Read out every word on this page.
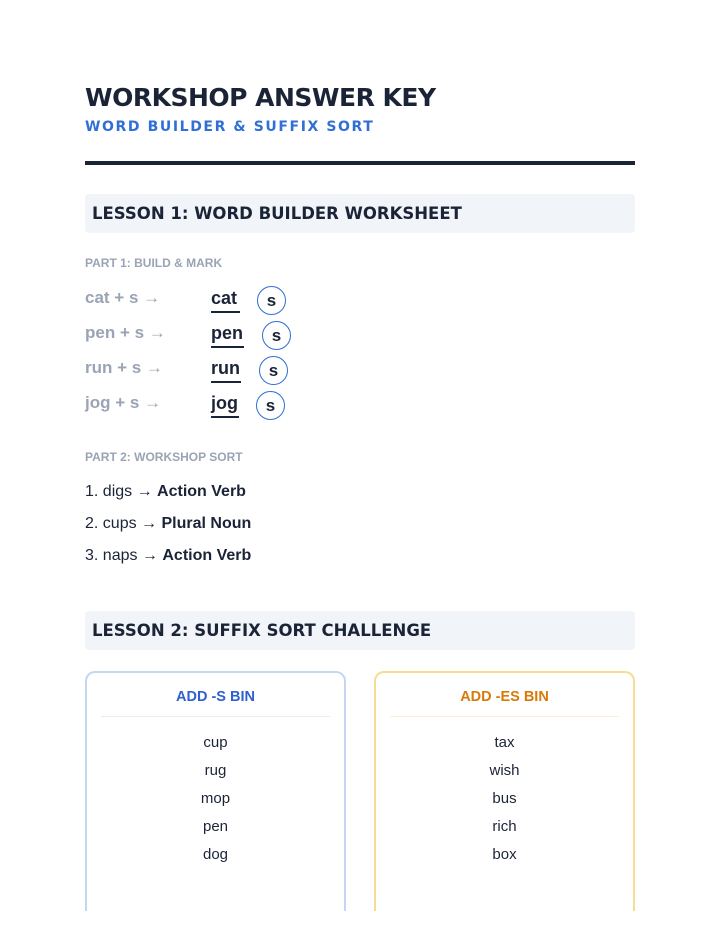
WORKSHOP ANSWER KEY
WORD BUILDER & SUFFIX SORT
LESSON 1: WORD BUILDER WORKSHEET
PART 1: BUILD & MARK
cat + s →	cat	s
pen + s →	pen	s
run + s →	run	s
jog + s →	jog	s
PART 2: WORKSHOP SORT
1. digs → Action Verb
2. cups → Plural Noun
3. naps → Action Verb
LESSON 2: SUFFIX SORT CHALLENGE
ADD -S BIN
cup
rug
mop
pen
dog
ADD -ES BIN
tax
wish
bus
rich
box
